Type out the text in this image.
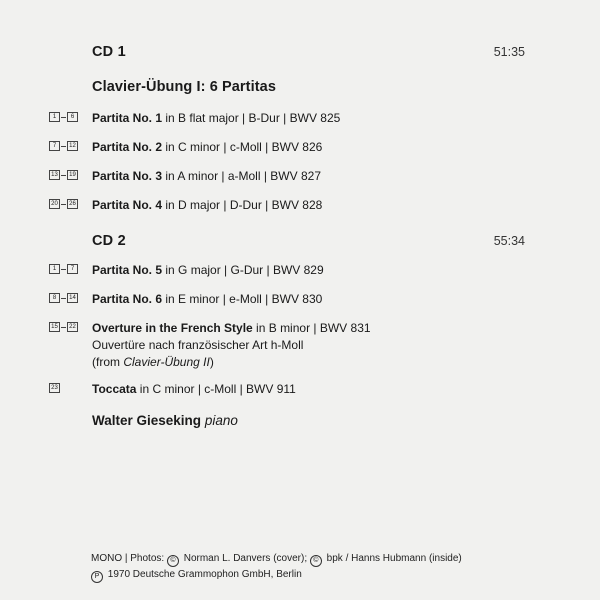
CD 1	51:35
Clavier-Übung I: 6 Partitas
1	6	Partita No. 1 in B flat major | B-Dur | BWV 825
7	12 Partita No. 2 in C minor | c-Moll | BWV 826
13	19 Partita No. 3 in A minor | a-Moll | BWV 827
20	26 Partita No. 4 in D major | D-Dur | BWV 828
CD 2	55:34
1	7	Partita No. 5 in G major | G-Dur | BWV 829
8	14 Partita No. 6 in E minor | e-Moll | BWV 830
15	22 Overture in the French Style in B minor | BWV 831
Ouvertüre nach französischer Art h-Moll
(from Clavier-Übung II)
23	Toccata in C minor | c-Moll | BWV 911
Walter Gieseking piano
MONO | Photos: © Norman L. Danvers (cover); © bpk / Hanns Hubmann (inside)
P 1970 Deutsche Grammophon GmbH, Berlin
